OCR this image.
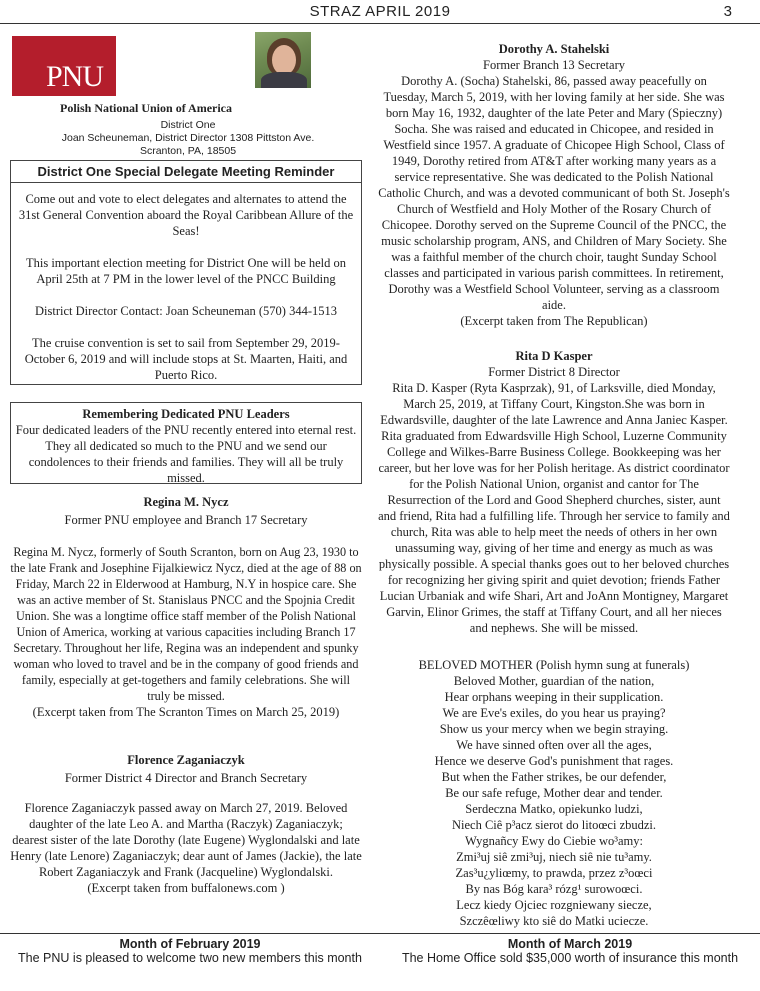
STRAZ APRIL 2019	3
PNU
Polish National Union of America
District One
Joan Scheuneman, District Director 1308 Pittston Ave.
Scranton, PA, 18505
District One Special Delegate Meeting Reminder

Come out and vote to elect delegates and alternates to attend the 31st General Convention aboard the Royal Caribbean Allure of the Seas!

This important election meeting for District One will be held on April 25th at 7 PM in the lower level of the PNCC Building

District Director Contact: Joan Scheuneman (570) 344-1513

The cruise convention is set to sail from September 29, 2019-October 6, 2019 and will include stops at St. Maarten, Haiti, and Puerto Rico.

Remembering Dedicated PNU Leaders

Four dedicated leaders of the PNU recently entered into eternal rest. They all dedicated so much to the PNU and we send our condolences to their friends and families. They will all be truly missed.

Regina M. Nycz

Former PNU employee and Branch 17 Secretary

Regina M. Nycz, formerly of South Scranton, born on Aug 23, 1930 to the late Frank and Josephine Fijalkiewicz Nycz, died at the age of 88 on Friday, March 22 in Elderwood at Hamburg, N.Y in hospice care. She was an active member of St. Stanislaus PNCC and the Spojnia Credit Union. She was a longtime office staff member of the Polish National Union of America, working at various capacities including Branch 17 Secretary. Throughout her life, Regina was an independent and spunky woman who loved to travel and be in the company of good friends and family, especially at get-togethers and family celebrations. She will truly be missed.

(Excerpt taken from The Scranton Times on March 25, 2019)

Florence Zaganiaczyk

Former District 4 Director and Branch Secretary

Florence Zaganiaczyk passed away on March 27, 2019. Beloved daughter of the late Leo A. and Martha (Raczyk) Zaganiaczyk; dearest sister of the late Dorothy (late Eugene) Wyglondalski and late Henry (late Lenore) Zaganiaczyk; dear aunt of James (Jackie), the late Robert Zaganiaczyk and Frank (Jacqueline) Wyglondalski.

(Excerpt taken from buffalonews.com )

Dorothy A. Stahelski

Former Branch 13 Secretary

Dorothy A. (Socha) Stahelski, 86, passed away peacefully on Tuesday, March 5, 2019, with her loving family at her side. She was born May 16, 1932, daughter of the late Peter and Mary (Spieczny) Socha. She was raised and educated in Chicopee, and resided in Westfield since 1957. A graduate of Chicopee High School, Class of 1949, Dorothy retired from AT&T after working many years as a service representative. She was dedicated to the Polish National Catholic Church, and was a devoted communicant of both St. Joseph's Church of Westfield and Holy Mother of the Rosary Church of Chicopee. Dorothy served on the Supreme Council of the PNCC, the music scholarship program, ANS, and Children of Mary Society. She was a faithful member of the church choir, taught Sunday School classes and participated in various parish committees. In retirement, Dorothy was a Westfield School Volunteer, serving as a classroom aide.

(Excerpt taken from The Republican)

Rita D Kasper

Former District 8 Director

Rita D. Kasper (Ryta Kasprzak), 91, of Larksville, died Monday, March 25, 2019, at Tiffany Court, Kingston.She was born in Edwardsville, daughter of the late Lawrence and Anna Janiec Kasper. Rita graduated from Edwardsville High School, Luzerne Community College and Wilkes-Barre Business College. Bookkeeping was her career, but her love was for her Polish heritage. As district coordinator for the Polish National Union, organist and cantor for The Resurrection of the Lord and Good Shepherd churches, sister, aunt and friend, Rita had a fulfilling life. Through her service to family and church, Rita was able to help meet the needs of others in her own unassuming way, giving of her time and energy as much as was physically possible. A special thanks goes out to her beloved churches for recognizing her giving spirit and quiet devotion; friends Father Lucian Urbaniak and wife Shari, Art and JoAnn Montigney, Margaret Garvin, Elinor Grimes, the staff at Tiffany Court, and all her nieces and nephews. She will be missed.

BELOVED MOTHER (Polish hymn sung at funerals)

Beloved Mother, guardian of the nation,

Hear orphans weeping in their supplication.

We are Eve's exiles, do you hear us praying?

Show us your mercy when we begin straying.

We have sinned often over all the ages,

Hence we deserve God's punishment that rages.

But when the Father strikes, be our defender,

Be our safe refuge, Mother dear and tender.

Serdeczna Matko, opiekunko ludzi,

Niech Ciê p³acz sierot do litoœci zbudzi.

Wygnañcy Ewy do Ciebie wo³amy:

Zmi³uj siê zmi³uj, niech siê nie tu³amy.

Zas³u¿yliœmy, to prawda, przez z³oœci

By nas Bóg kara³ rózg¹ surowoœci.

Lecz kiedy Ojciec rozgniewany siecze,

Szczêœliwy kto siê do Matki ucieczе.

Month of February 2019
The PNU is pleased to welcome two new members this month
Month of March 2019
The Home Office sold $35,000 worth of insurance this month
